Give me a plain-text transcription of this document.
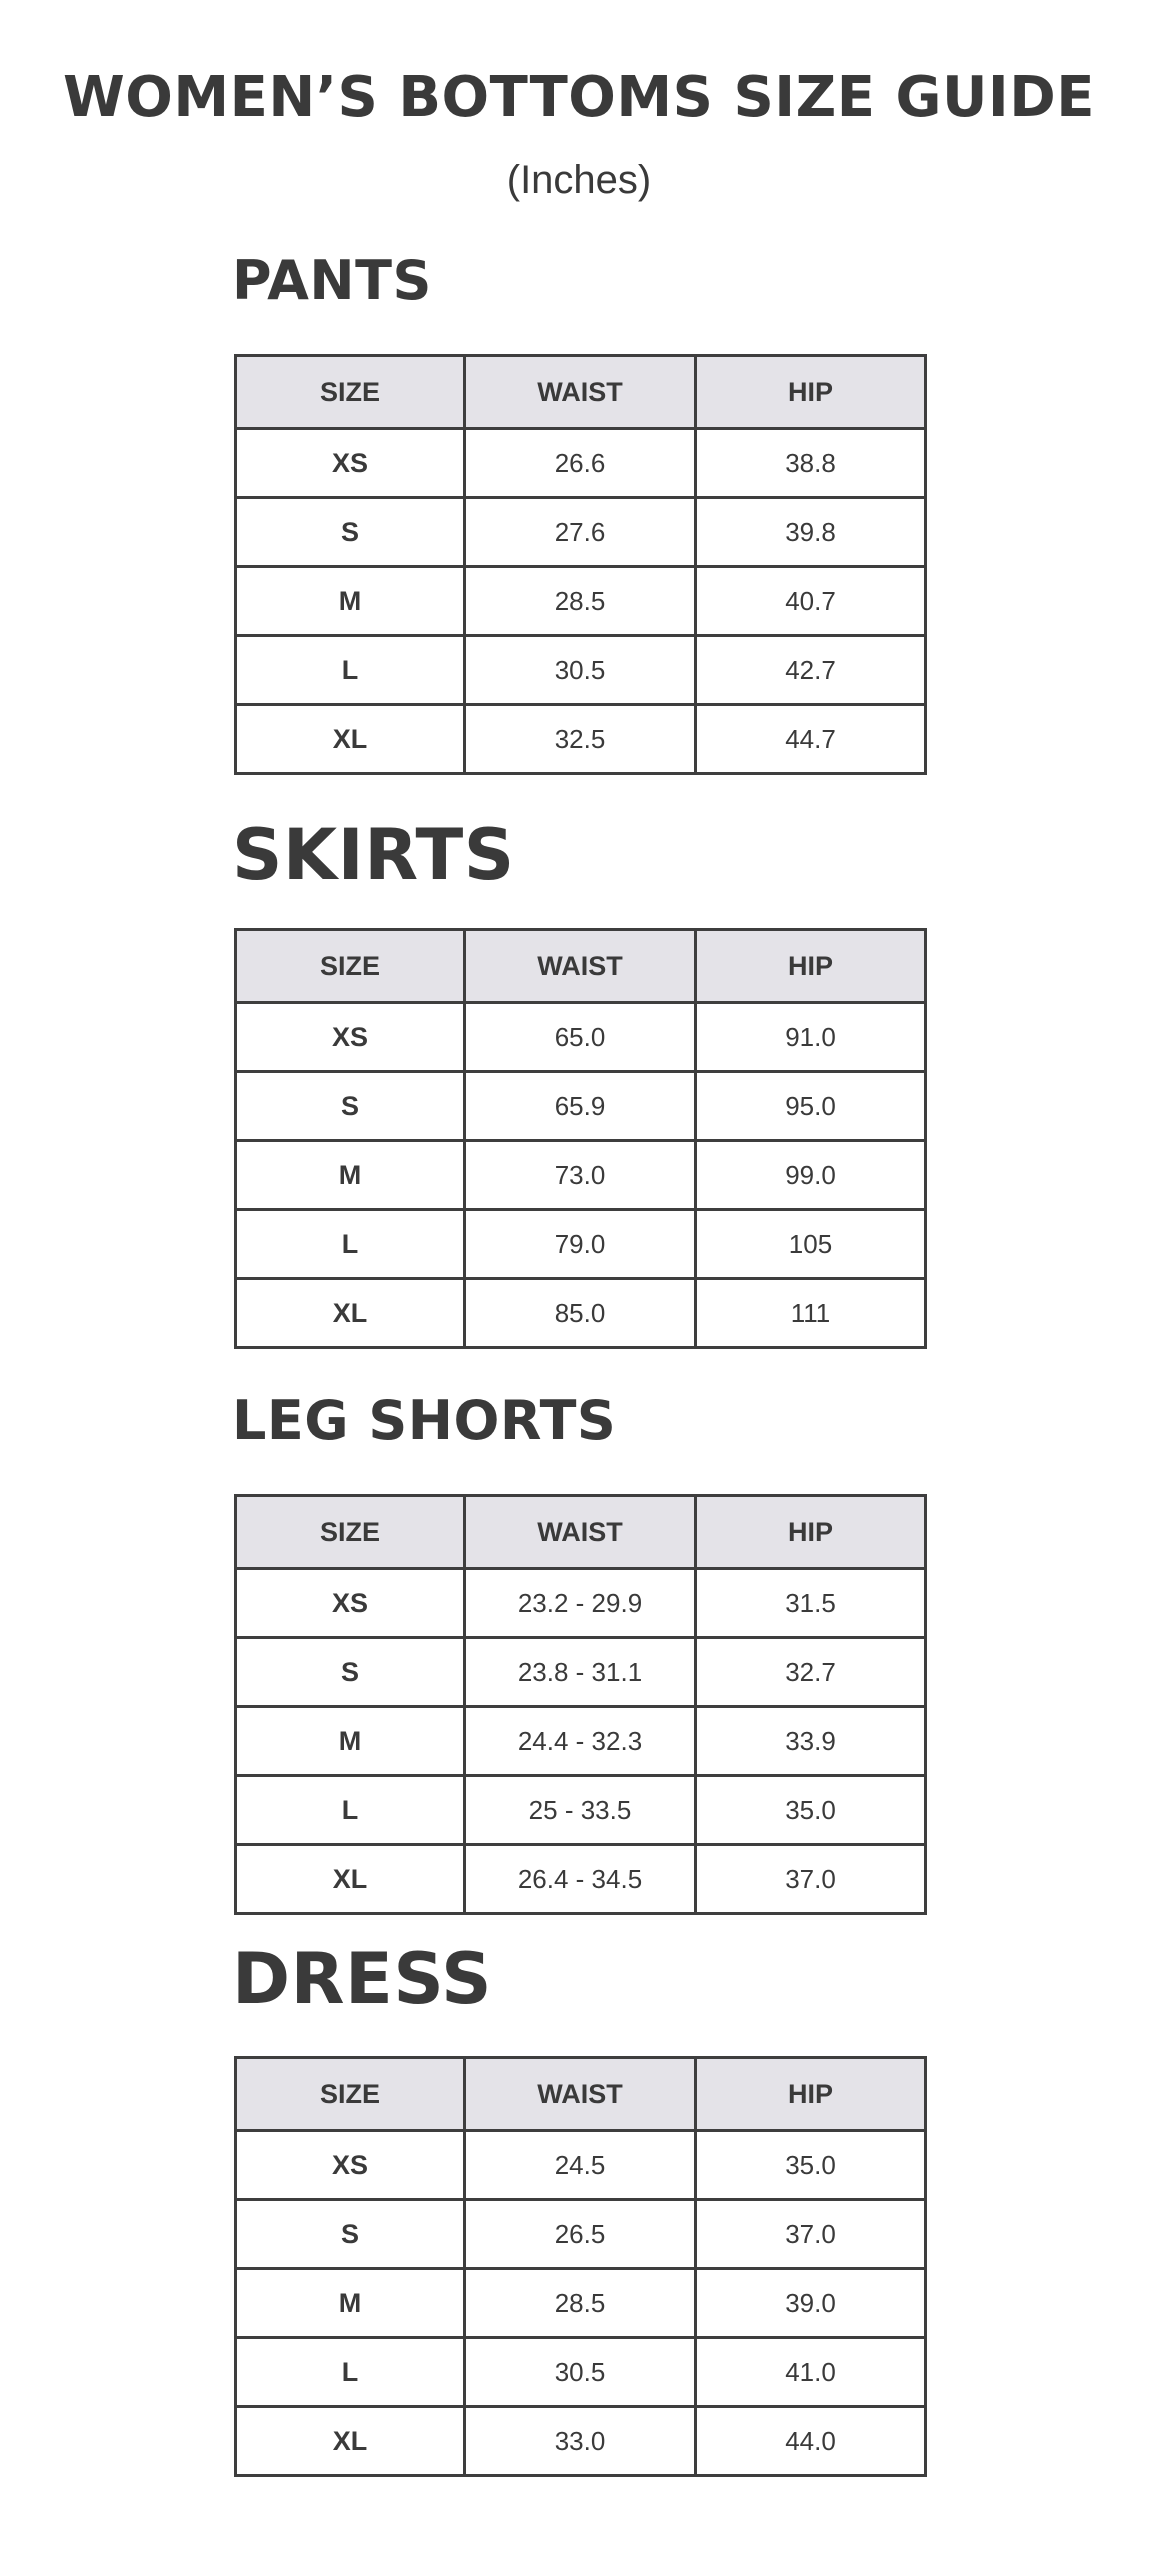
WOMEN’S BOTTOMS SIZE GUIDE
(Inches)
PANTS
SIZE	WAIST	HIP
XS	26.6	38.8
S	27.6	39.8
M	28.5	40.7
L	30.5	42.7
XL	32.5	44.7
SKIRTS
SIZE	WAIST	HIP
XS	65.0	91.0
S	65.9	95.0
M	73.0	99.0
L	79.0	105
XL	85.0	111
LEG SHORTS
SIZE	WAIST	HIP
XS	23.2 - 29.9	31.5
S	23.8 - 31.1	32.7
M	24.4 - 32.3	33.9
L	25 - 33.5	35.0
XL	26.4 - 34.5	37.0
DRESS
SIZE	WAIST	HIP
XS	24.5	35.0
S	26.5	37.0
M	28.5	39.0
L	30.5	41.0
XL	33.0	44.0
